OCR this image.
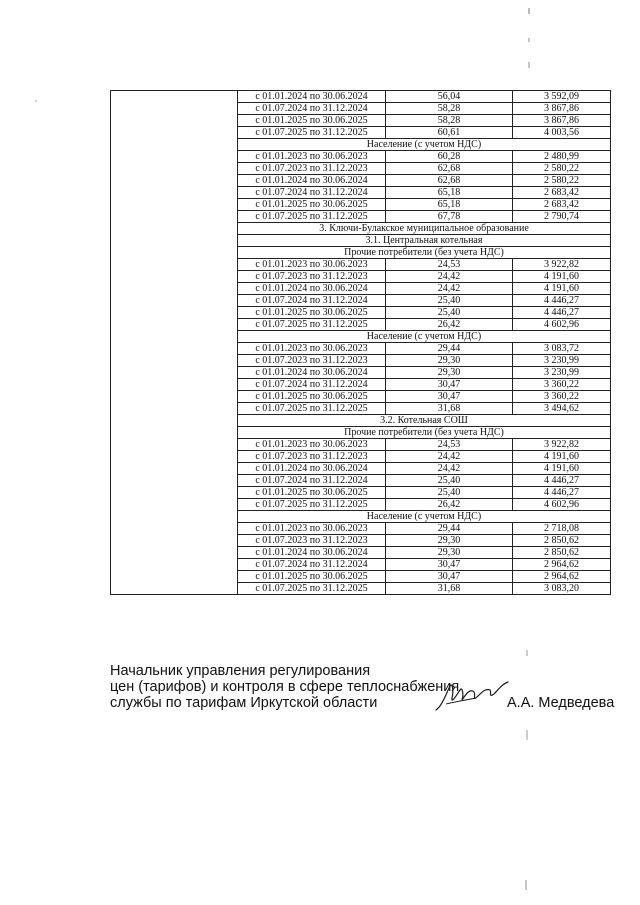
	с 01.01.2024 по 30.06.2024	56,04	3 592,09
	с 01.07.2024 по 31.12.2024	58,28	3 867,86
	с 01.01.2025 по 30.06.2025	58,28	3 867,86
	с 01.07.2025 по 31.12.2025	60,61	4 003,56
	Население (с учетом НДС)		
	с 01.01.2023 по 30.06.2023	60,28	2 480,99
	с 01.07.2023 по 31.12.2023	62,68	2 580,22
	с 01.01.2024 по 30.06.2024	62,68	2 580,22
	с 01.07.2024 по 31.12.2024	65,18	2 683,42
	с 01.01.2025 по 30.06.2025	65,18	2 683,42
	с 01.07.2025 по 31.12.2025	67,78	2 790,74
	3. Ключи-Булакское муниципальное образование		
	3.1. Центральная котельная		
	Прочие потребители (без учета НДС)		
	с 01.01.2023 по 30.06.2023	24,53	3 922,82
	с 01.07.2023 по 31.12.2023	24,42	4 191,60
	с 01.01.2024 по 30.06.2024	24,42	4 191,60
	с 01.07.2024 по 31.12.2024	25,40	4 446,27
	с 01.01.2025 по 30.06.2025	25,40	4 446,27
	с 01.07.2025 по 31.12.2025	26,42	4 602,96
	Население (с учетом НДС)		
	с 01.01.2023 по 30.06.2023	29,44	3 083,72
	с 01.07.2023 по 31.12.2023	29,30	3 230,99
	с 01.01.2024 по 30.06.2024	29,30	3 230,99
	с 01.07.2024 по 31.12.2024	30,47	3 360,22
	с 01.01.2025 по 30.06.2025	30,47	3 360,22
	с 01.07.2025 по 31.12.2025	31,68	3 494,62
	3.2. Котельная СОШ		
	Прочие потребители (без учета НДС)		
	с 01.01.2023 по 30.06.2023	24,53	3 922,82
	с 01.07.2023 по 31.12.2023	24,42	4 191,60
	с 01.01.2024 по 30.06.2024	24,42	4 191,60
	с 01.07.2024 по 31.12.2024	25,40	4 446,27
	с 01.01.2025 по 30.06.2025	25,40	4 446,27
	с 01.07.2025 по 31.12.2025	26,42	4 602,96
	Население (с учетом НДС)		
	с 01.01.2023 по 30.06.2023	29,44	2 718,08
	с 01.07.2023 по 31.12.2023	29,30	2 850,62
	с 01.01.2024 по 30.06.2024	29,30	2 850,62
	с 01.07.2024 по 31.12.2024	30,47	2 964,62
	с 01.01.2025 по 30.06.2025	30,47	2 964,62
	с 01.07.2025 по 31.12.2025	31,68	3 083,20
Начальник управления регулирования
цен (тарифов) и контроля в сфере теплоснабжения
службы по тарифам Иркутской области	А.А. Медведева
